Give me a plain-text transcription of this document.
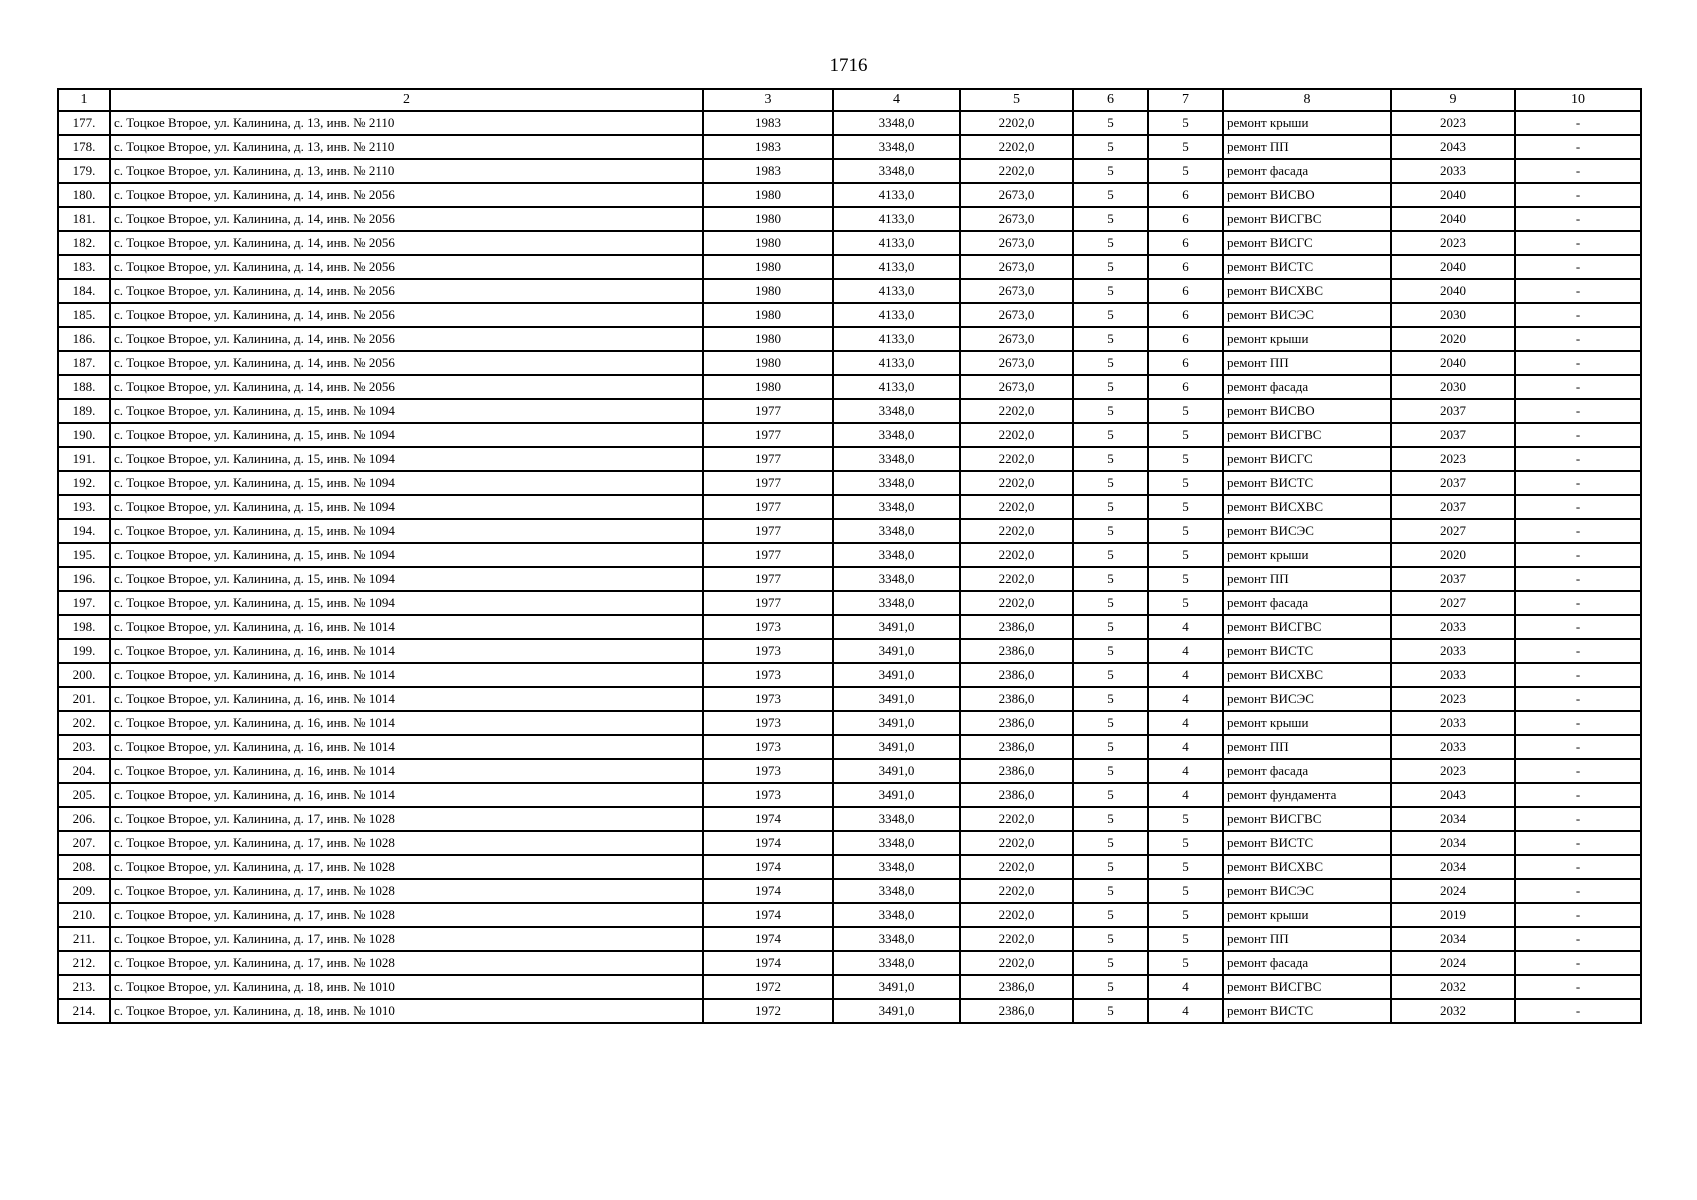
1716
1	2	3	4	5	6	7	8	9	10
177.	с. Тоцкое Второе, ул. Калинина, д. 13, инв. № 2110	1983	3348,0	2202,0	5	5	ремонт крыши	2023	-
178.	с. Тоцкое Второе, ул. Калинина, д. 13, инв. № 2110	1983	3348,0	2202,0	5	5	ремонт ПП	2043	-
179.	с. Тоцкое Второе, ул. Калинина, д. 13, инв. № 2110	1983	3348,0	2202,0	5	5	ремонт фасада	2033	-
180.	с. Тоцкое Второе, ул. Калинина, д. 14, инв. № 2056	1980	4133,0	2673,0	5	6	ремонт ВИСВО	2040	-
181.	с. Тоцкое Второе, ул. Калинина, д. 14, инв. № 2056	1980	4133,0	2673,0	5	6	ремонт ВИСГВС	2040	-
182.	с. Тоцкое Второе, ул. Калинина, д. 14, инв. № 2056	1980	4133,0	2673,0	5	6	ремонт ВИСГС	2023	-
183.	с. Тоцкое Второе, ул. Калинина, д. 14, инв. № 2056	1980	4133,0	2673,0	5	6	ремонт ВИСТС	2040	-
184.	с. Тоцкое Второе, ул. Калинина, д. 14, инв. № 2056	1980	4133,0	2673,0	5	6	ремонт ВИСХВС	2040	-
185.	с. Тоцкое Второе, ул. Калинина, д. 14, инв. № 2056	1980	4133,0	2673,0	5	6	ремонт ВИСЭС	2030	-
186.	с. Тоцкое Второе, ул. Калинина, д. 14, инв. № 2056	1980	4133,0	2673,0	5	6	ремонт крыши	2020	-
187.	с. Тоцкое Второе, ул. Калинина, д. 14, инв. № 2056	1980	4133,0	2673,0	5	6	ремонт ПП	2040	-
188.	с. Тоцкое Второе, ул. Калинина, д. 14, инв. № 2056	1980	4133,0	2673,0	5	6	ремонт фасада	2030	-
189.	с. Тоцкое Второе, ул. Калинина, д. 15, инв. № 1094	1977	3348,0	2202,0	5	5	ремонт ВИСВО	2037	-
190.	с. Тоцкое Второе, ул. Калинина, д. 15, инв. № 1094	1977	3348,0	2202,0	5	5	ремонт ВИСГВС	2037	-
191.	с. Тоцкое Второе, ул. Калинина, д. 15, инв. № 1094	1977	3348,0	2202,0	5	5	ремонт ВИСГС	2023	-
192.	с. Тоцкое Второе, ул. Калинина, д. 15, инв. № 1094	1977	3348,0	2202,0	5	5	ремонт ВИСТС	2037	-
193.	с. Тоцкое Второе, ул. Калинина, д. 15, инв. № 1094	1977	3348,0	2202,0	5	5	ремонт ВИСХВС	2037	-
194.	с. Тоцкое Второе, ул. Калинина, д. 15, инв. № 1094	1977	3348,0	2202,0	5	5	ремонт ВИСЭС	2027	-
195.	с. Тоцкое Второе, ул. Калинина, д. 15, инв. № 1094	1977	3348,0	2202,0	5	5	ремонт крыши	2020	-
196.	с. Тоцкое Второе, ул. Калинина, д. 15, инв. № 1094	1977	3348,0	2202,0	5	5	ремонт ПП	2037	-
197.	с. Тоцкое Второе, ул. Калинина, д. 15, инв. № 1094	1977	3348,0	2202,0	5	5	ремонт фасада	2027	-
198.	с. Тоцкое Второе, ул. Калинина, д. 16, инв. № 1014	1973	3491,0	2386,0	5	4	ремонт ВИСГВС	2033	-
199.	с. Тоцкое Второе, ул. Калинина, д. 16, инв. № 1014	1973	3491,0	2386,0	5	4	ремонт ВИСТС	2033	-
200.	с. Тоцкое Второе, ул. Калинина, д. 16, инв. № 1014	1973	3491,0	2386,0	5	4	ремонт ВИСХВС	2033	-
201.	с. Тоцкое Второе, ул. Калинина, д. 16, инв. № 1014	1973	3491,0	2386,0	5	4	ремонт ВИСЭС	2023	-
202.	с. Тоцкое Второе, ул. Калинина, д. 16, инв. № 1014	1973	3491,0	2386,0	5	4	ремонт крыши	2033	-
203.	с. Тоцкое Второе, ул. Калинина, д. 16, инв. № 1014	1973	3491,0	2386,0	5	4	ремонт ПП	2033	-
204.	с. Тоцкое Второе, ул. Калинина, д. 16, инв. № 1014	1973	3491,0	2386,0	5	4	ремонт фасада	2023	-
205.	с. Тоцкое Второе, ул. Калинина, д. 16, инв. № 1014	1973	3491,0	2386,0	5	4	ремонт фундамента	2043	-
206.	с. Тоцкое Второе, ул. Калинина, д. 17, инв. № 1028	1974	3348,0	2202,0	5	5	ремонт ВИСГВС	2034	-
207.	с. Тоцкое Второе, ул. Калинина, д. 17, инв. № 1028	1974	3348,0	2202,0	5	5	ремонт ВИСТС	2034	-
208.	с. Тоцкое Второе, ул. Калинина, д. 17, инв. № 1028	1974	3348,0	2202,0	5	5	ремонт ВИСХВС	2034	-
209.	с. Тоцкое Второе, ул. Калинина, д. 17, инв. № 1028	1974	3348,0	2202,0	5	5	ремонт ВИСЭС	2024	-
210.	с. Тоцкое Второе, ул. Калинина, д. 17, инв. № 1028	1974	3348,0	2202,0	5	5	ремонт крыши	2019	-
211.	с. Тоцкое Второе, ул. Калинина, д. 17, инв. № 1028	1974	3348,0	2202,0	5	5	ремонт ПП	2034	-
212.	с. Тоцкое Второе, ул. Калинина, д. 17, инв. № 1028	1974	3348,0	2202,0	5	5	ремонт фасада	2024	-
213.	с. Тоцкое Второе, ул. Калинина, д. 18, инв. № 1010	1972	3491,0	2386,0	5	4	ремонт ВИСГВС	2032	-
214.	с. Тоцкое Второе, ул. Калинина, д. 18, инв. № 1010	1972	3491,0	2386,0	5	4	ремонт ВИСТС	2032	-
